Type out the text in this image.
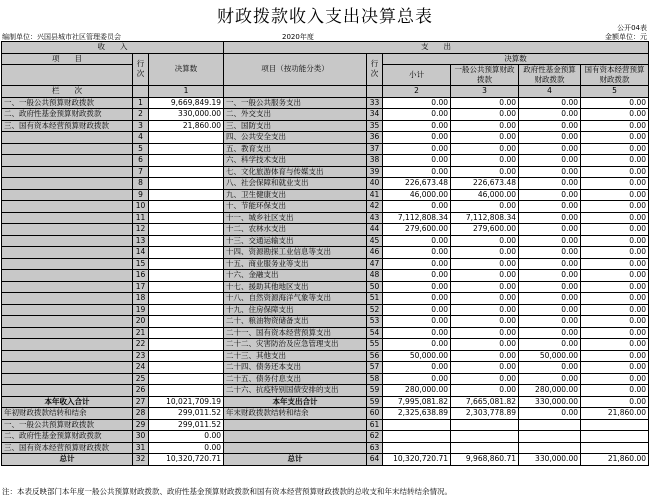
财政拨款收入支出决算总表
公开04表
编制单位：兴国县城市社区管理委员会	2020年度	金额单位：元
收　　入			支　　出					
项　　目	行次	决算数	项目（按功能分类）	行次	决算数			
					小计	一般公共预算财政拨款	政府性基金预算财政拨款	国有资本经营预算财政拨款

栏　　次		1			2	3	4	5
一、一般公共预算财政拨款	1	9,669,849.19	一、一般公共服务支出	33	0.00	0.00	0.00	0.00
二、政府性基金预算财政拨款	2	330,000.00	二、外交支出	34	0.00	0.00	0.00	0.00
三、国有资本经营预算财政拨款	3	21,860.00	三、国防支出	35	0.00	0.00	0.00	0.00
	4		四、公共安全支出	36	0.00	0.00	0.00	0.00
	5		五、教育支出	37	0.00	0.00	0.00	0.00
	6		六、科学技术支出	38	0.00	0.00	0.00	0.00
	7		七、文化旅游体育与传媒支出	39	0.00	0.00	0.00	0.00
	8		八、社会保障和就业支出	40	226,673.48	226,673.48	0.00	0.00
	9		九、卫生健康支出	41	46,000.00	46,000.00	0.00	0.00
	10		十、节能环保支出	42	0.00	0.00	0.00	0.00
	11		十一、城乡社区支出	43	7,112,808.34	7,112,808.34	0.00	0.00
	12		十二、农林水支出	44	279,600.00	279,600.00	0.00	0.00
	13		十三、交通运输支出	45	0.00	0.00	0.00	0.00
	14		十四、资源勘探工业信息等支出	46	0.00	0.00	0.00	0.00
	15		十五、商业服务业等支出	47	0.00	0.00	0.00	0.00
	16		十六、金融支出	48	0.00	0.00	0.00	0.00
	17		十七、援助其他地区支出	50	0.00	0.00	0.00	0.00
	18		十八、自然资源海洋气象等支出	51	0.00	0.00	0.00	0.00
	19		十九、住房保障支出	52	0.00	0.00	0.00	0.00
	20		二十、粮油物资储备支出	53	0.00	0.00	0.00	0.00
	21		二十一、国有资本经营预算支出	54	0.00	0.00	0.00	0.00
	22		二十二、灾害防治及应急管理支出	55	0.00	0.00	0.00	0.00
	23		二十三、其他支出	56	50,000.00	0.00	50,000.00	0.00
	24		二十四、债务还本支出	57	0.00	0.00	0.00	0.00
	25		二十五、债务付息支出	58	0.00	0.00	0.00	0.00
	26		二十六、抗疫特别国债安排的支出	59	280,000.00	0.00	280,000.00	0.00
本年收入合计	27	10,021,709.19	本年支出合计	59	7,995,081.82	7,665,081.82	330,000.00	0.00
年初财政拨款结转和结余	28	299,011.52	年末财政拨款结转和结余	60	2,325,638.89	2,303,778.89	0.00	21,860.00
一、一般公共预算财政拨款	29	299,011.52		61				
二、政府性基金预算财政拨款	30	0.00		62				
三、国有资本经营预算财政拨款	31	0.00		63				
总计	32	10,320,720.71	总计	64	10,320,720.71	9,968,860.71	330,000.00	21,860.00
注：本表反映部门本年度一般公共预算财政拨款、政府性基金预算财政拨款和国有资本经营预算财政拨款的总收支和年末结转结余情况。
